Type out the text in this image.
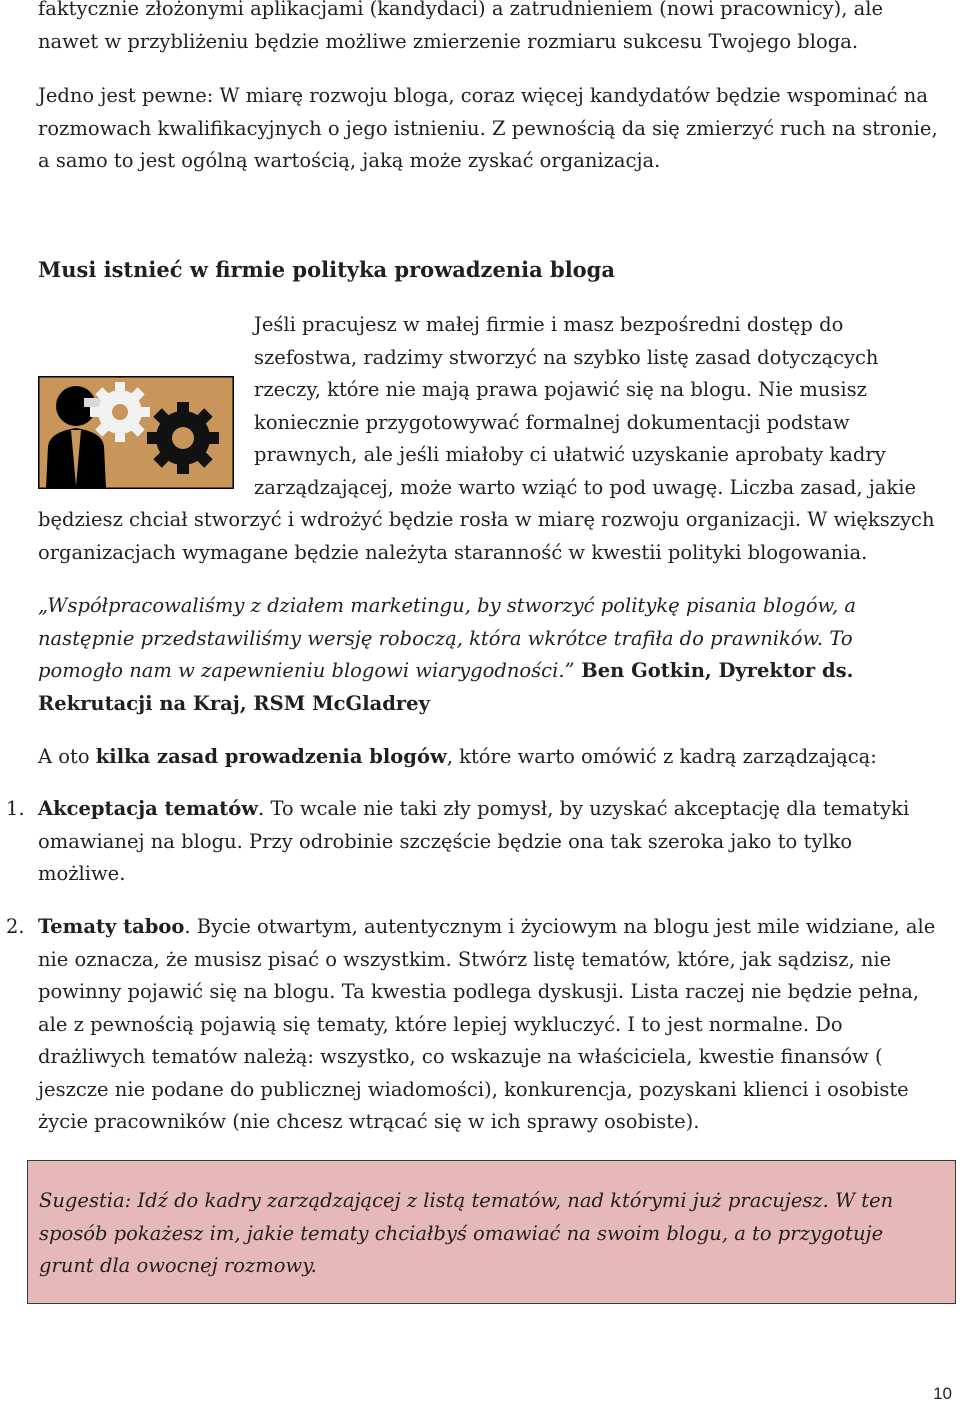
faktycznie złożonymi aplikacjami (kandydaci) a zatrudnieniem (nowi pracownicy), ale

nawet w przybliżeniu będzie możliwe zmierzenie rozmiaru sukcesu Twojego bloga.

Jedno jest pewne: W miarę rozwoju bloga, coraz więcej kandydatów będzie wspominać na rozmowach kwalifikacyjnych o jego istnieniu. Z pewnością da się zmierzyć ruch na stronie, a samo to jest ogólną wartością, jaką może zyskać organizacja.

Musi istnieć w firmie polityka prowadzenia bloga

Jeśli pracujesz w małej firmie i masz bezpośredni dostęp do szefostwa, radzimy stworzyć na szybko listę zasad dotyczących rzeczy, które nie mają prawa pojawić się na blogu. Nie musisz koniecznie przygotowywać formalnej dokumentacji podstaw prawnych, ale jeśli miałoby ci ułatwić uzyskanie aprobaty kadry zarządzającej, może warto wziąć to pod uwagę. Liczba zasad, jakie będziesz chciał stworzyć i wdrożyć będzie rosła w miarę rozwoju organizacji. W większych organizacjach wymagane będzie należyta staranność w kwestii polityki blogowania.

„Współpracowaliśmy z działem marketingu, by stworzyć politykę pisania blogów, a następnie przedstawiliśmy wersję roboczą, która wkrótce trafiła do prawników. To pomogło nam w zapewnieniu blogowi wiarygodności.” Ben Gotkin, Dyrektor ds. Rekrutacji na Kraj, RSM McGladrey

A oto kilka zasad prowadzenia blogów, które warto omówić z kadrą zarządzającą:

1. Akceptacja tematów. To wcale nie taki zły pomysł, by uzyskać akceptację dla tematyki omawianej na blogu. Przy odrobinie szczęście będzie ona tak szeroka jako to tylko możliwe.

2. Tematy taboo. Bycie otwartym, autentycznym i życiowym na blogu jest mile widziane, ale nie oznacza, że musisz pisać o wszystkim. Stwórz listę tematów, które, jak sądzisz, nie powinny pojawić się na blogu. Ta kwestia podlega dyskusji. Lista raczej nie będzie pełna, ale z pewnością pojawią się tematy, które lepiej wykluczyć. I to jest normalne. Do drażliwych tematów należą: wszystko, co wskazuje na właściciela, kwestie finansów ( jeszcze nie podane do publicznej wiadomości), konkurencja, pozyskani klienci i osobiste życie pracowników (nie chcesz wtrącać się w ich sprawy osobiste).

Sugestia: Idź do kadry zarządzającej z listą tematów, nad którymi już pracujesz. W ten sposób pokażesz im, jakie tematy chciałbyś omawiać na swoim blogu, a to przygotuje grunt dla owocnej rozmowy.

10
